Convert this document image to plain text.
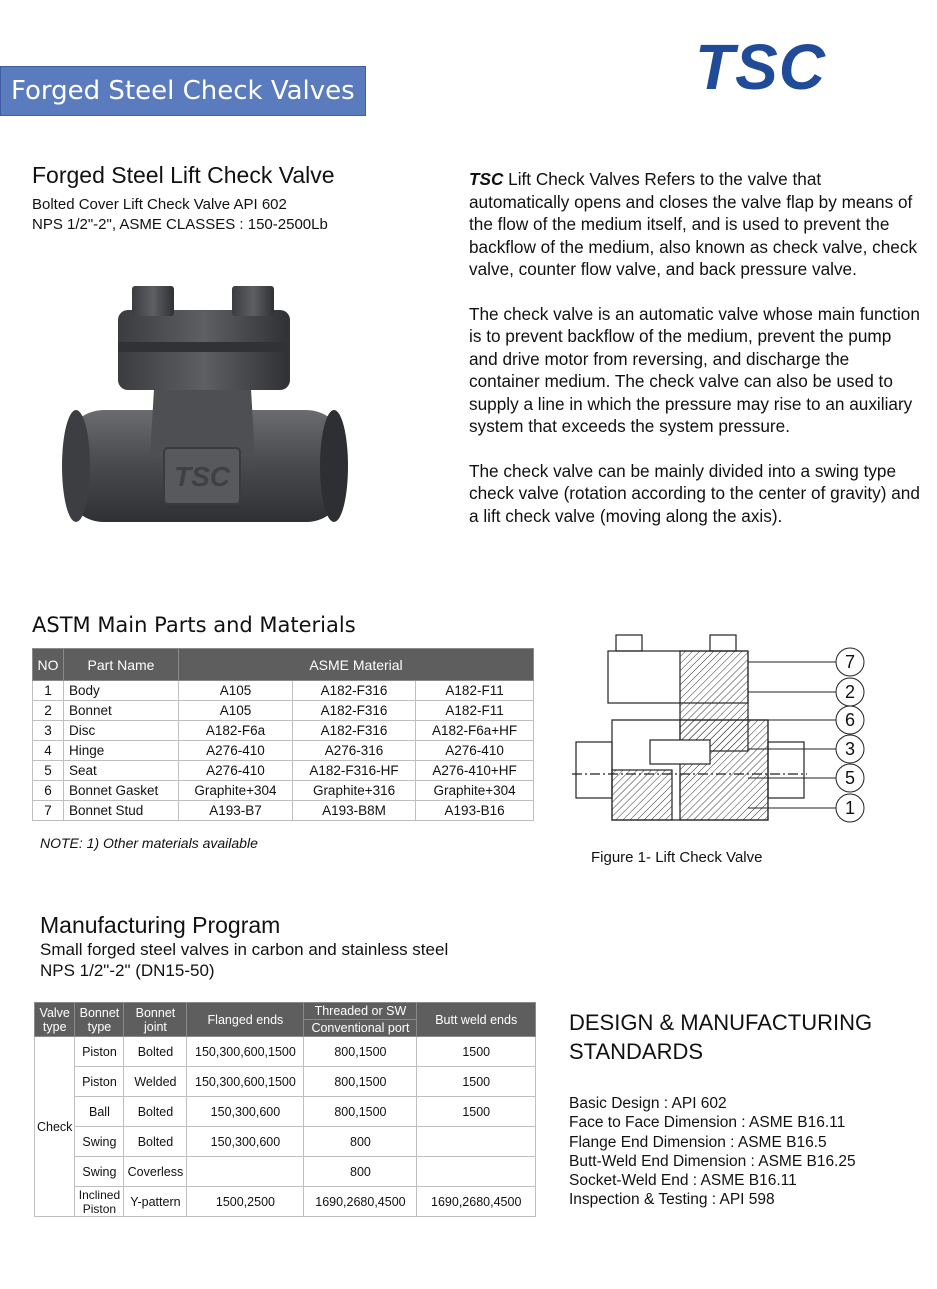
Forged Steel Check Valves	TSC
Forged Steel Lift Check Valve
Bolted Cover Lift Check Valve API 602
NPS 1/2"-2", ASME CLASSES : 150-2500Lb
TSC

TSC Lift Check Valves Refers to the valve that automatically opens and closes the valve flap by means of the flow of the medium itself, and is used to prevent the backflow of the medium, also known as check valve, check valve, counter flow valve, and back pressure valve.

The check valve is an automatic valve whose main function is to prevent backflow of the medium, prevent the pump and drive motor from reversing, and discharge the container medium. The check valve can also be used to supply a line in which the pressure may rise to an auxiliary system that exceeds the system pressure.

The check valve can be mainly divided into a swing type check valve (rotation according to the center of gravity) and a lift check valve (moving along the axis).

ASTM Main Parts and Materials
NO	Part Name	ASME Material		
1	Body	A105	A182-F316	A182-F11
2	Bonnet	A105	A182-F316	A182-F11
3	Disc	A182-F6a	A182-F316	A182-F6a+HF
4	Hinge	A276-410	A276-316	A276-410
5	Seat	A276-410	A182-F316-HF	A276-410+HF
6	Bonnet Gasket	Graphite+304	Graphite+316	Graphite+304
7	Bonnet Stud	A193-B7	A193-B8M	A193-B16
NOTE: 1) Other materials available
7
2
6
3
5
1
Figure 1- Lift Check Valve
Manufacturing Program
Small forged steel valves in carbon and stainless steel
NPS 1/2"-2" (DN15-50)
Valve type	Bonnet type	Bonnet joint	Flanged ends	Threaded or SW	Butt weld ends
				Conventional port	
Check	Piston	Bolted	150,300,600,1500	800,1500	1500
	Piston	Welded	150,300,600,1500	800,1500	1500
	Ball	Bolted	150,300,600	800,1500	1500
	Swing	Bolted	150,300,600	800	
	Swing	Coverless		800	
	Inclined Piston	Y-pattern	1500,2500	1690,2680,4500	1690,2680,4500
DESIGN & MANUFACTURING STANDARDS
Basic Design : API 602
Face to Face Dimension : ASME B16.11
Flange End Dimension : ASME B16.5
Butt-Weld End Dimension : ASME B16.25
Socket-Weld End : ASME B16.11
Inspection & Testing : API 598
